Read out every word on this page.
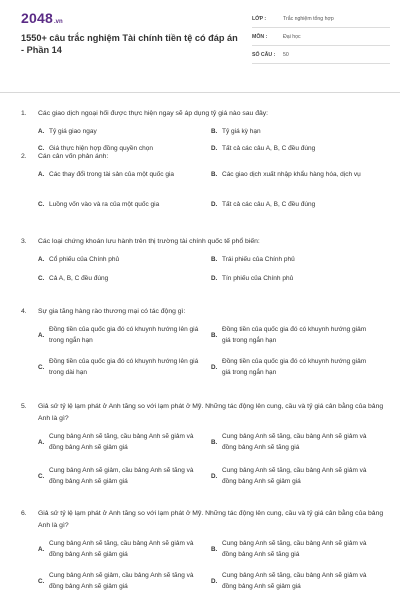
2048 .vn
1550+ câu trắc nghiệm Tài chính tiền tệ có đáp án - Phần 14
LỚP :	Trắc nghiệm tổng hợp
MÔN :	Đại học
SỐ CÂU :	50
1.	Các giao dịch ngoại hối được thực hiện ngay sẽ áp dụng tỷ giá nào sau đây:
A. Tỷ giá giao ngay	B. Tỷ giá kỳ hạn
C. Giá thực hiện hợp đồng quyền chọn	D. Tất cả các câu A, B, C đều đúng
2.	Cán cân vốn phản ánh:
A. Các thay đổi trong tài sản của một quốc gia	B. Các giao dịch xuất nhập khẩu hàng hóa, dịch vụ
C. Luồng vốn vào và ra của một quốc gia	D. Tất cả các câu A, B, C đều đúng
3.	Các loại chứng khoán lưu hành trên thị trường tài chính quốc tế phổ biến:
A. Cổ phiếu của Chính phủ	B. Trái phiếu của Chính phủ
C. Cả A, B, C đều đúng	D. Tín phiếu của Chính phủ
4.	Sự gia tăng hàng rào thương mại có tác động gì:
A.
Đồng tiền của quốc gia đó có khuynh hướng lên giá trong ngắn hạn
B.
Đồng tiền của quốc gia đó có khuynh hướng giảm giá trong ngắn hạn
C.
Đồng tiền của quốc gia đó có khuynh hướng lên giá trong dài hạn
D.
Đồng tiền của quốc gia đó có khuynh hướng giảm giá trong ngắn hạn
5.	Giả sử tỷ lệ lạm phát ở Anh tăng so với lạm phát ở Mỹ. Những tác động lên cung, cầu và tỷ giá cân bằng của bảng Anh là gì?
A.
Cung bảng Anh sẽ tăng, cầu bảng Anh sẽ giảm và đồng bảng Anh sẽ giảm giá
B.
Cung bảng Anh sẽ tăng, cầu bảng Anh sẽ giảm và đồng bảng Anh sẽ tăng giá
C.
Cung bảng Anh sẽ giảm, cầu bảng Anh sẽ tăng và đồng bảng Anh sẽ giảm giá
D.
Cung bảng Anh sẽ tăng, cầu bảng Anh sẽ giảm và đồng bảng Anh sẽ giảm giá
6.	Giả sử tỷ lệ lạm phát ở Anh tăng so với lạm phát ở Mỹ. Những tác động lên cung, cầu và tỷ giá cân bằng của bảng Anh là gì?
A.
Cung bảng Anh sẽ tăng, cầu bảng Anh sẽ giảm và đồng bảng Anh sẽ giảm giá
B.
Cung bảng Anh sẽ tăng, cầu bảng Anh sẽ giảm và đồng bảng Anh sẽ tăng giá
C.
Cung bảng Anh sẽ giảm, cầu bảng Anh sẽ tăng và đồng bảng Anh sẽ giảm giá
D.
Cung bảng Anh sẽ tăng, cầu bảng Anh sẽ giảm và đồng bảng Anh sẽ giảm giá
